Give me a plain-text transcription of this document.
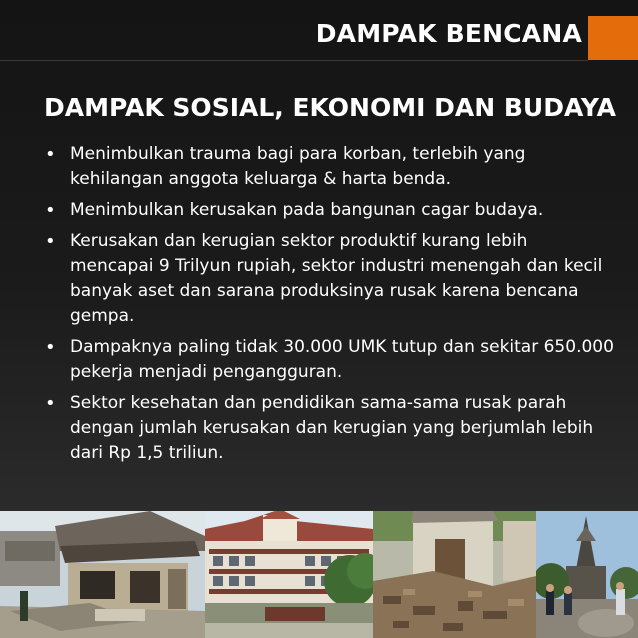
DAMPAK BENCANA
DAMPAK SOSIAL, EKONOMI DAN BUDAYA
• Menimbulkan trauma bagi para korban, terlebih yang kehilangan anggota keluarga & harta benda.
• Menimbulkan kerusakan pada bangunan cagar budaya.
• Kerusakan dan kerugian sektor produktif kurang lebih mencapai 9 Trilyun rupiah, sektor industri menengah dan kecil banyak aset dan sarana produksinya rusak karena bencana gempa.
• Dampaknya paling tidak 30.000 UMK tutup dan sekitar 650.000 pekerja menjadi pengangguran.
• Sektor kesehatan dan pendidikan sama-sama rusak parah dengan jumlah kerusakan dan kerugian yang berjumlah lebih dari Rp 1,5 triliun.
